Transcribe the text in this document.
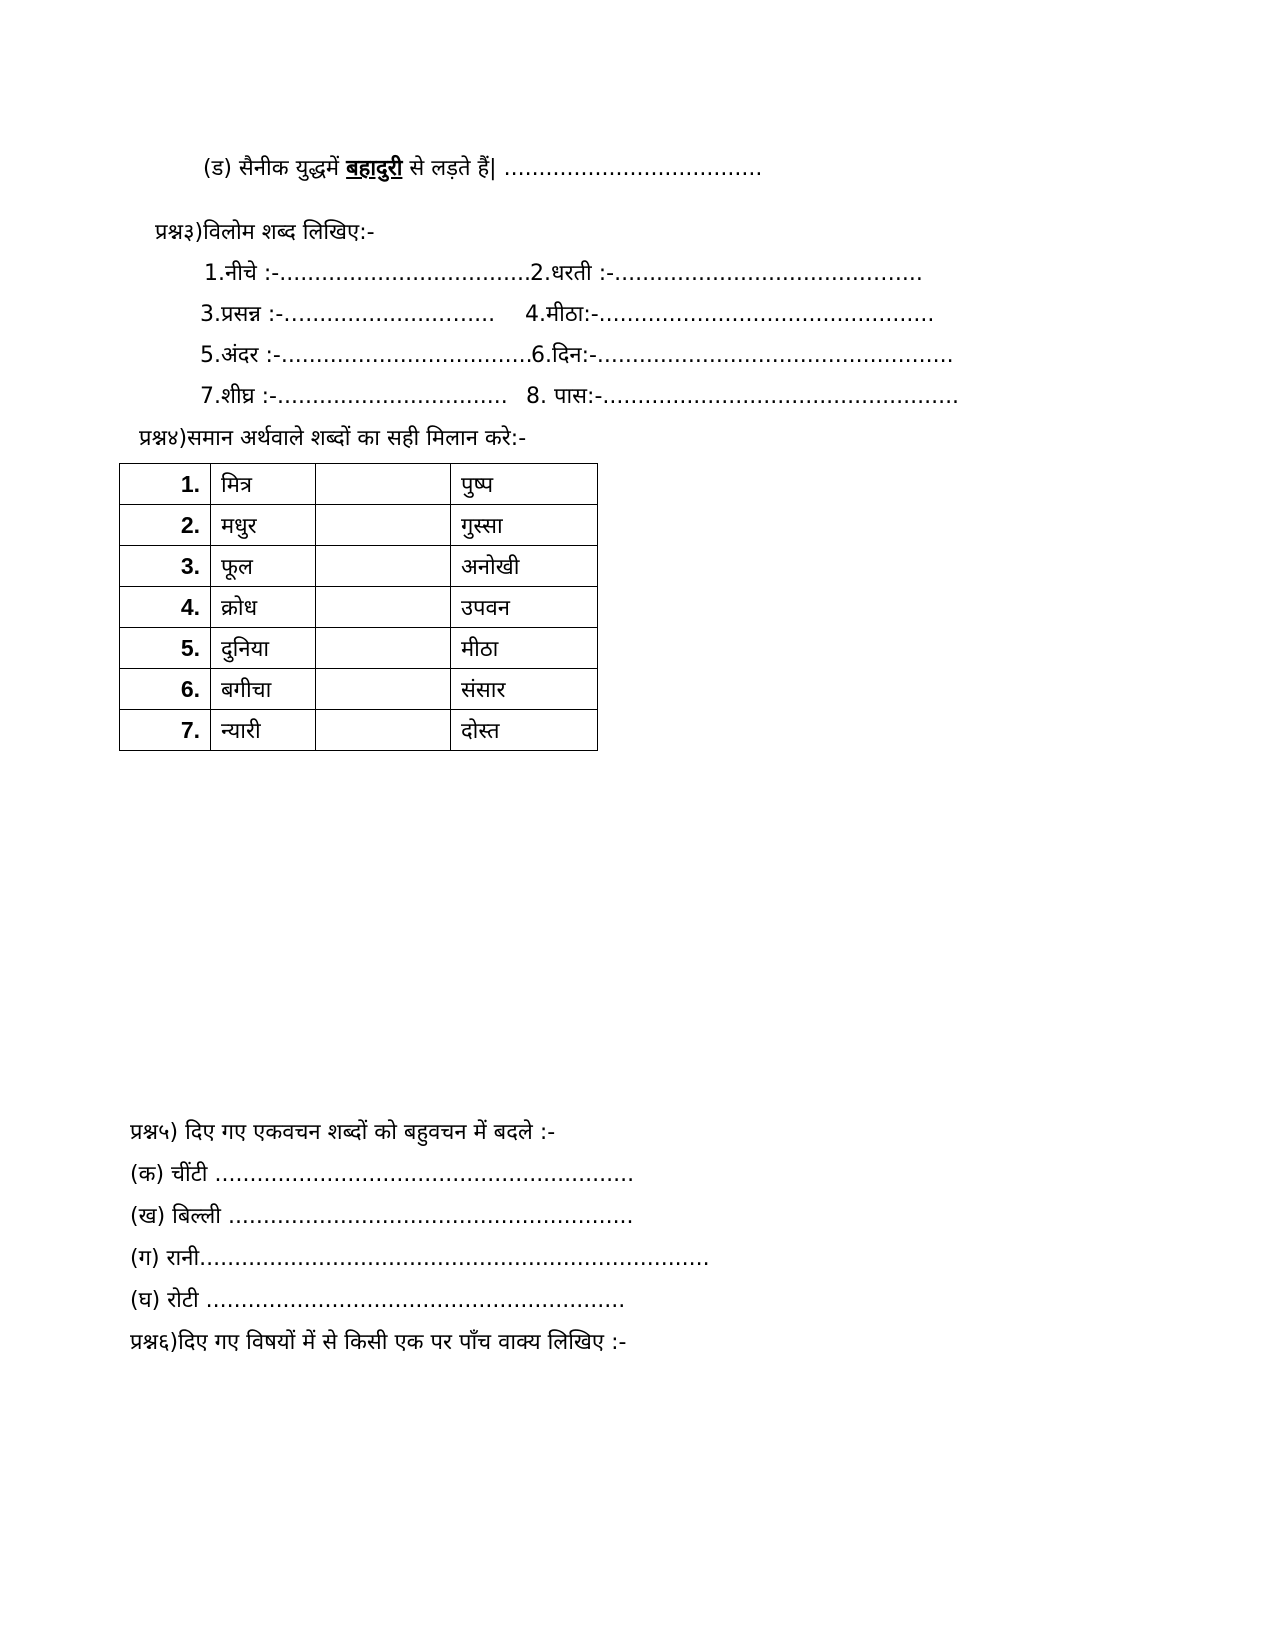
(ड) सैनीक युद्धमें बहादुरी से लड़ते हैं| .....................................
प्रश्न३)विलोम शब्द लिखिए:-
1.नीचे :-.................................... 2.धरती :-.....................................…....
3.प्रसन्न :-…....................….... 4.मीठा:-................................................
5.अंदर :-....................................
6.दिन:-...................................................
7.शीघ्र :-................................. 8. पास:-...................................................
प्रश्न४)समान अर्थवाले शब्दों का सही मिलान करे:-
1.	मित्र		पुष्प
2.	मधुर		गुस्सा
3.	फूल		अनोखी
4.	क्रोध		उपवन
5.	दुनिया		मीठा
6.	बगीचा		संसार
7.	न्यारी		दोस्त
प्रश्न५) दिए गए एकवचन शब्दों को बहुवचन में बदले :-
(क) चींटी ............................................................
(ख) बिल्ली ..........................................................
(ग) रानी.........................................................................
(घ) रोटी ............................................................
प्रश्न६)दिए गए विषयों में से किसी एक पर पाँच वाक्य लिखिए :-
